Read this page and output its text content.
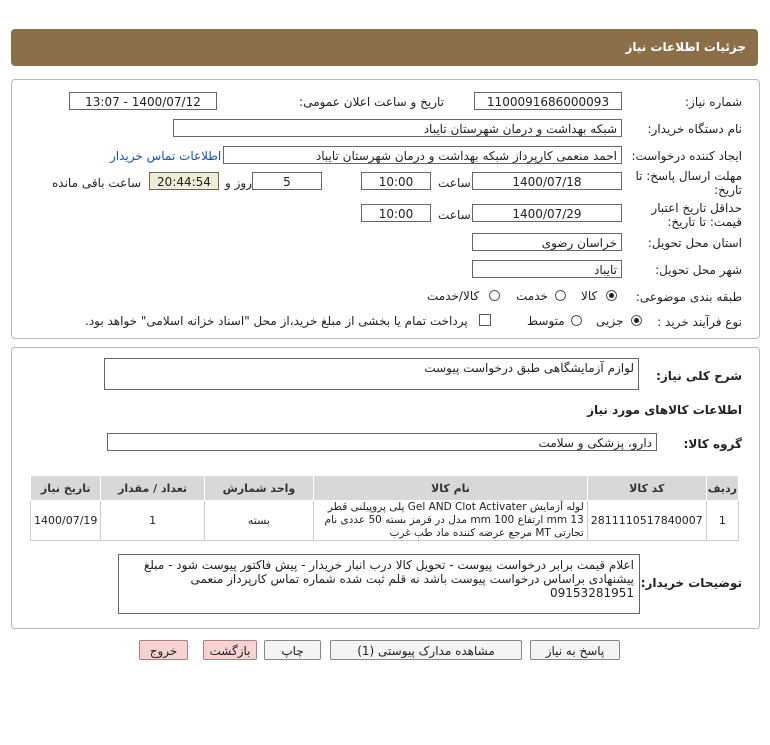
جزئیات اطلاعات نیاز
شماره نیاز:
1100091686000093
تاریخ و ساعت اعلان عمومی:
1400/07/12 - 13:07
نام دستگاه خریدار:
شبکه بهداشت و درمان شهرستان تایباد
ایجاد کننده درخواست:
احمد منعمی کارپرداز شبکه بهداشت و درمان شهرستان تایباد
اطلاعات تماس خریدار
مهلت ارسال پاسخ: تا
تاریخ:
1400/07/18
ساعت
10:00
5
روز و
20:44:54
ساعت باقی مانده
حداقل تاریخ اعتبار
قیمت: تا تاریخ:
1400/07/29
ساعت
10:00
استان محل تحویل:
خراسان رضوی
شهر محل تحویل:
تایباد
طبقه بندی موضوعی:
کالا
خدمت
کالا/خدمت
نوع فرآیند خرید :
جزیی
متوسط
پرداخت تمام یا بخشی از مبلغ خرید،از محل "اسناد خزانه اسلامی" خواهد بود.
شرح کلی نیاز:
لوازم آزمایشگاهی طبق درخواست پیوست
اطلاعات کالاهای مورد نیاز
گروه کالا:
دارو، پزشکی و سلامت
ردیف	کد کالا	نام کالا	واحد شمارش	تعداد / مقدار	تاریخ نیاز
1	2811110517840007	لوله آزمایش Gel AND Clot Activater پلی پروپیلنی قطر 13 mm ارتفاع 100 mm مدل در قرمز بسته 50 عددی نام تجارتی MT مرجع عرضه کننده ماد طب غرب	بسته	1	1400/07/19
توضیحات خریدار:
اعلام قیمت برابر درخواست پیوست - تحویل کالا درب انبار خریدار - پیش فاکتور پیوست شود - مبلغ پیشنهادی براساس درخواست پیوست باشد نه قلم ثبت شده شماره تماس کارپرداز منعمی 09153281951
پاسخ به نیاز
مشاهده مدارک پیوستی (1)
چاپ
بازگشت
خروج
